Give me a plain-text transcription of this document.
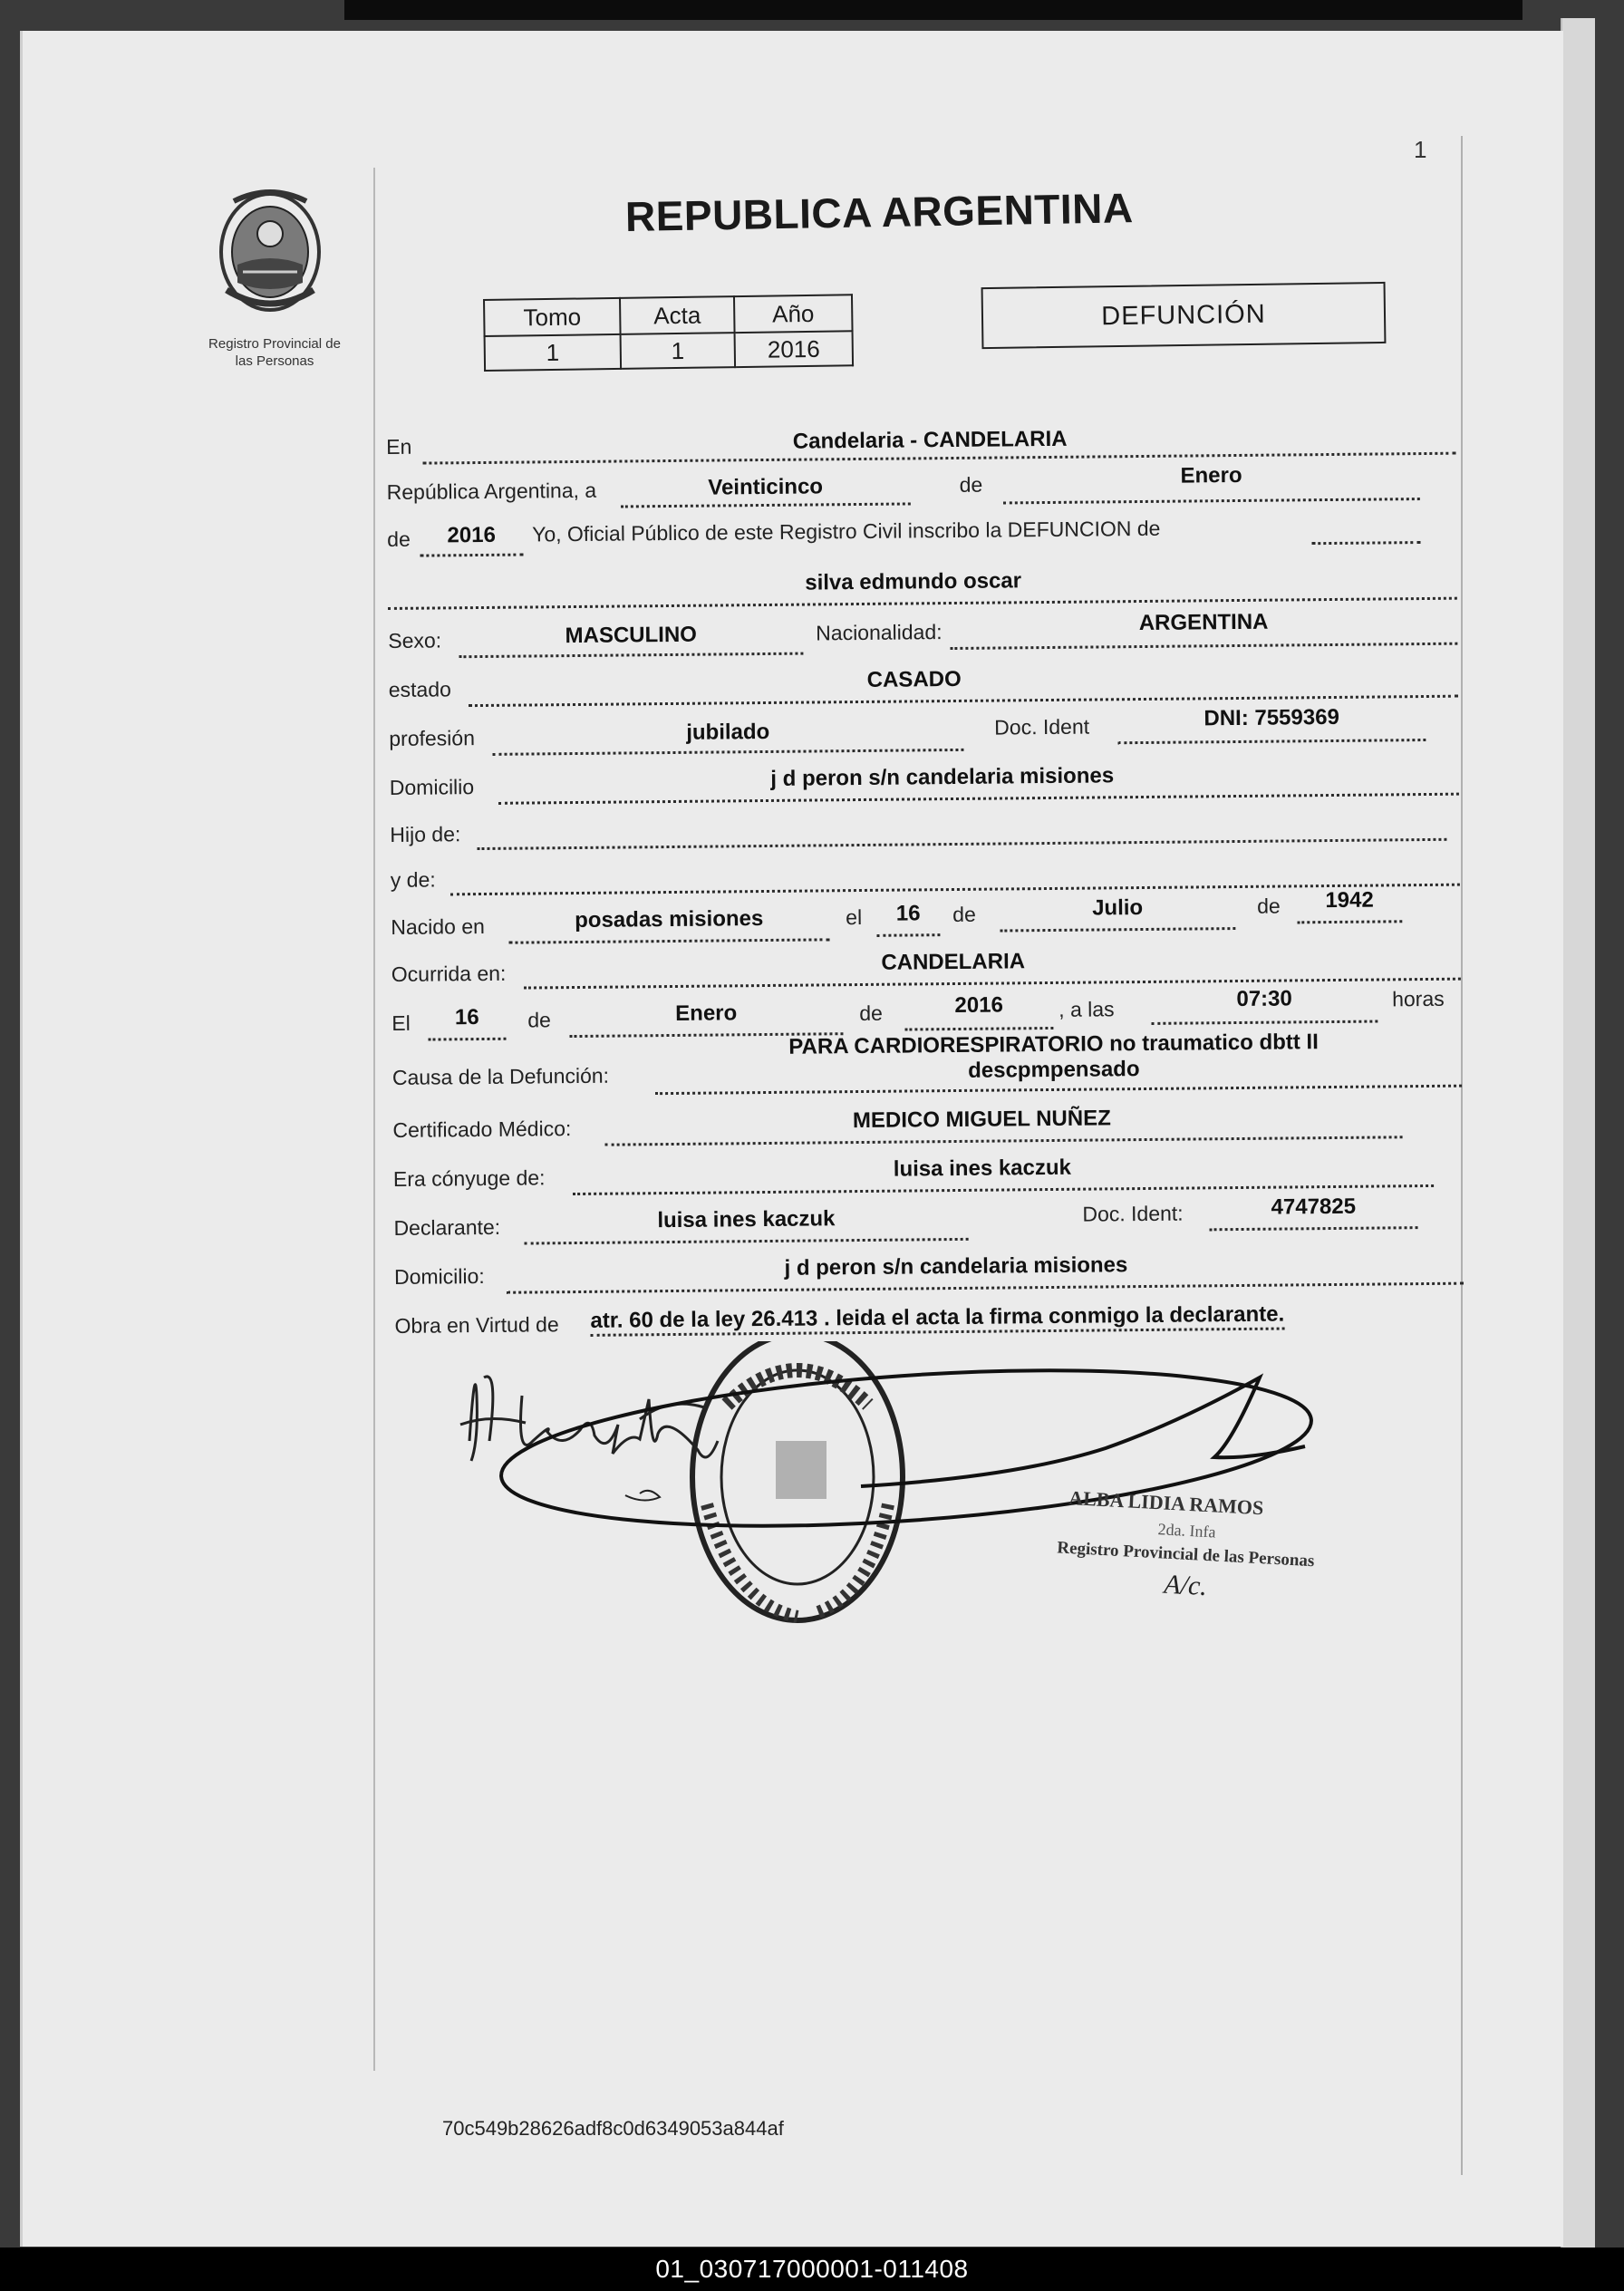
1
Registro Provincial de
las Personas
REPUBLICA ARGENTINA
Tomo	Acta	Año
1	1	2016
DEFUNCIÓN
En	Candelaria - CANDELARIA
República Argentina, a	Veinticinco	de	Enero
de	2016	Yo, Oficial Público de este Registro Civil inscribo la DEFUNCION de
silva edmundo oscar
Sexo:	MASCULINO	Nacionalidad:	ARGENTINA
estado	CASADO
profesión	jubilado	Doc. Ident	DNI: 7559369
Domicilio	j d peron s/n candelaria misiones
Hijo de:
y de:
Nacido en	posadas misiones	el	16	de	Julio	de	1942
Ocurrida en:	CANDELARIA
El	16	de	Enero	de	2016	, a las	07:30	horas
PARA CARDIORESPIRATORIO no traumatico dbtt II
Causa de la Defunción:	descpmpensado
Certificado Médico:	MEDICO MIGUEL NUÑEZ
Era cónyuge de:	luisa ines kaczuk
Declarante:	luisa ines kaczuk	Doc. Ident:	4747825
Domicilio:	j d peron s/n candelaria misiones
Obra en Virtud de atr. 60 de la ley 26.413 . leida el acta la firma conmigo la declarante.
ALBA LIDIA RAMOS
2da. Infa
Registro Provincial de las Personas
A/c.
70c549b28626adf8c0d6349053a844af
01_030717000001-011408
